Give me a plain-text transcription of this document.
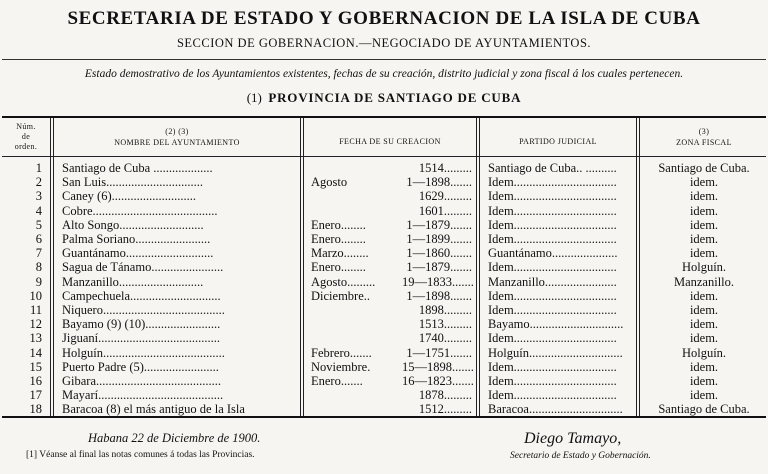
SECRETARIA DE ESTADO Y GOBERNACION DE LA ISLA DE CUBA
SECCION DE GOBERNACION.—NEGOCIADO DE AYUNTAMIENTOS.
Estado demostrativo de los Ayuntamientos existentes, fechas de su creación, distrito judicial y zona fiscal á los cuales pertenecen.
(1) PROVINCIA DE SANTIAGO DE CUBA
Núm.
de
orden.
(2) (3)
NOMBRE DEL AYUNTAMIENTO	FECHA DE SU CREACION	PARTIDO JUDICIAL
(3)
ZONA FISCAL
1 Santiago de Cuba ...................	1514......... Santiago de Cuba.. ..........	Santiago de Cuba.
2 San Luis...............................	Agosto	1—1898....... Idem.................................	idem.
3 Caney (6)...........................	1629......... Idem.................................	idem.
4 Cobre........................................	1601......... Idem.................................	idem.
5 Alto Songo...........................	Enero........	1—1879....... Idem.................................	idem.
6 Palma Soriano........................	Enero........	1—1899....... Idem.................................	idem.
7 Guantánamo............................	Marzo........	1—1860....... Guantánamo.....................	idem.
8 Sagua de Tánamo.......................	Enero........	1—1879....... Idem.................................	Holguín.
9 Manzanillo...........................	Agosto......... 19—1833....... Manzanillo.......................	Manzanillo.
10 Campechuela.............................	Diciembre..	1—1898....... Idem.................................	idem.
11 Niquero.......................................	1898......... Idem.................................	idem.
12 Bayamo (9) (10)........................	1513......... Bayamo..............................	idem.
13 Jiguaní.......................................	1740......... Idem.................................	idem.
14 Holguín.......................................	Febrero.......	1—1751....... Holguín..............................	Holguín.
15 Puerto Padre (5)........................	Noviembre.	15—1898....... Idem.................................	idem.
16 Gibara........................................	Enero.......	16—1823....... Idem.................................	idem.
17 Mayarí........................................	1878......... Idem.................................	idem.
18 Baracoa (8) el más antiguo de la Isla	1512......... Baracoa..............................	Santiago de Cuba.
Habana 22 de Diciembre de 1900.
[1] Véanse al final las notas comunes á todas las Provincias.
Diego Tamayo,
Secretario de Estado y Gobernación.
